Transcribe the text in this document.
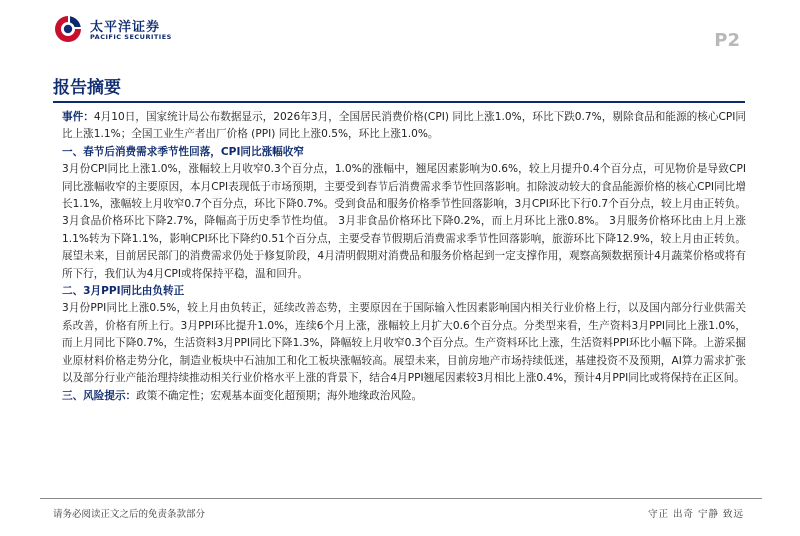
太平洋证券
PACIFIC SECURITIES	P2
报告摘要

事件：4月10日，国家统计局公布数据显示，2026年3月，全国居民消费价格(CPI) 同比上涨1.0%，环比下跌0.7%，剔除食品和能源的核心CPI同比上涨1.1%；全国工业生产者出厂价格 (PPI) 同比上涨0.5%，环比上涨1.0%。

一、春节后消费需求季节性回落，CPI同比涨幅收窄

3月份CPI同比上涨1.0%，涨幅较上月收窄0.3个百分点，1.0%的涨幅中，翘尾因素影响为0.6%，较上月提升0.4个百分点，可见物价是导致CPI同比涨幅收窄的主要原因，本月CPI表现低于市场预期，主要受到春节后消费需求季节性回落影响。扣除波动较大的食品能源价格的核心CPI同比增长1.1%，涨幅较上月收窄0.7个百分点，环比下降0.7%。受到食品和服务价格季节性回落影响，3月CPI环比下行0.7个百分点，较上月由正转负。 3月食品价格环比下降2.7%，降幅高于历史季节性均值。 3月非食品价格环比下降0.2%，而上月环比上涨0.8%。 3月服务价格环比由上月上涨1.1%转为下降1.1%，影响CPI环比下降约0.51个百分点，主要受春节假期后消费需求季节性回落影响，旅游环比下降12.9%，较上月由正转负。展望未来，目前居民部门的消费需求仍处于修复阶段，4月清明假期对消费品和服务价格起到一定支撑作用，观察高频数据预计4月蔬菜价格或将有所下行，我们认为4月CPI或将保持平稳，温和回升。

二、3月PPI同比由负转正

3月份PPI同比上涨0.5%，较上月由负转正，延续改善态势，主要原因在于国际输入性因素影响国内相关行业价格上行，以及国内部分行业供需关系改善，价格有所上行。3月PPI环比提升1.0%，连续6个月上涨，涨幅较上月扩大0.6个百分点。分类型来看，生产资料3月PPI同比上涨1.0%，而上月同比下降0.7%，生活资料3月PPI同比下降1.3%，降幅较上月收窄0.3个百分点。生产资料环比上涨，生活资料PPI环比小幅下降。上游采掘业原材料价格走势分化，制造业板块中石油加工和化工板块涨幅较高。展望未来，目前房地产市场持续低迷，基建投资不及预期，AI算力需求扩张以及部分行业产能治理持续推动相关行业价格水平上涨的背景下，结合4月PPI翘尾因素较3月相比上涨0.4%，预计4月PPI同比或将保持在正区间。

三、风险提示：政策不确定性；宏观基本面变化超预期；海外地缘政治风险。

请务必阅读正文之后的免责条款部分	守正 出奇 宁静 致远
